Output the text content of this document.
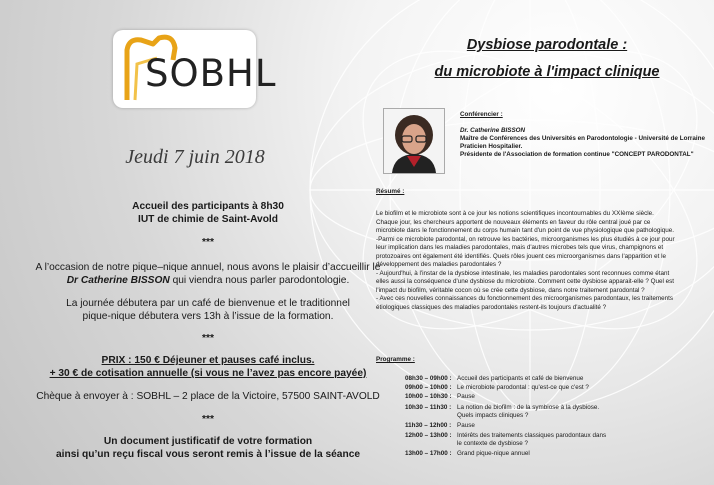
SOBHL
Jeudi 7 juin 2018
Accueil des participants à 8h30
IUT de chimie de Saint-Avold
***
A l’occasion de notre pique–nique annuel, nous avons le plaisir d’accueillir le
Dr Catherine BISSON qui viendra nous parler parodontologie.
La journée débutera par un café de bienvenue et le traditionnel
pique-nique débutera vers 13h à l’issue de la formation.
***
PRIX : 150 € Déjeuner et pauses café inclus.
+ 30 € de cotisation annuelle (si vous ne l’avez pas encore payée)
Chèque à envoyer à : SOBHL – 2 place de la Victoire, 57500 SAINT-AVOLD
***
Un document justificatif de votre formation
ainsi qu’un reçu fiscal vous seront remis à l’issue de la séance
Dysbiose parodontale :
du microbiote à l'impact clinique
Conférencier :
Dr. Catherine BISSON
Maître de Conférences des Universités en Parodontologie - Université de Lorraine
Praticien Hospitalier.
Présidente de l'Association de formation continue "CONCEPT PARODONTAL"
Résumé :
Le biofilm et le microbiote sont à ce jour les notions scientifiques incontournables du XXIème siècle. Chaque jour, les chercheurs apportent de nouveaux éléments en faveur du rôle central joué par ce microbiote dans le fonctionnement du corps humain tant d'un point de vue physiologique que pathologique.
-Parmi ce microbiote parodontal, on retrouve les bactéries, microorganismes les plus étudiés à ce jour pour leur implication dans les maladies parodontales, mais d'autres microbes tels que virus, champignons et protozoaires ont également été identifiés. Quels rôles jouent ces microorganismes dans l'apparition et le développement des maladies parodontales ?
- Aujourd'hui, à l'instar de la dysbiose intestinale, les maladies parodontales sont reconnues comme étant elles aussi la conséquence d'une dysbiose du microbiote. Comment cette dysbiose apparait-elle ? Quel est l'impact du biofilm, véritable cocon où se crée cette dysbiose, dans notre traitement parodontal ?
- Avec ces nouvelles connaissances du fonctionnement des microorganismes parodontaux, les traitements étiologiques classiques des maladies parodontales restent-ils toujours d'actualité ?
Programme :
08h30 – 09h00 : Accueil des participants et café de bienvenue
09h00 – 10h00 : Le microbiote parodontal : qu'est-ce que c'est ?
10h00 – 10h30 : Pause
10h30 – 11h30 : La notion de biofilm : de la symbiose à la dysbiose.
Quels impacts cliniques ?
11h30 – 12h00 : Pause
12h00 – 13h00 : Intérêts des traitements classiques parodontaux dans
le contexte de dysbiose ?
13h00 – 17h00 : Grand pique-nique annuel
